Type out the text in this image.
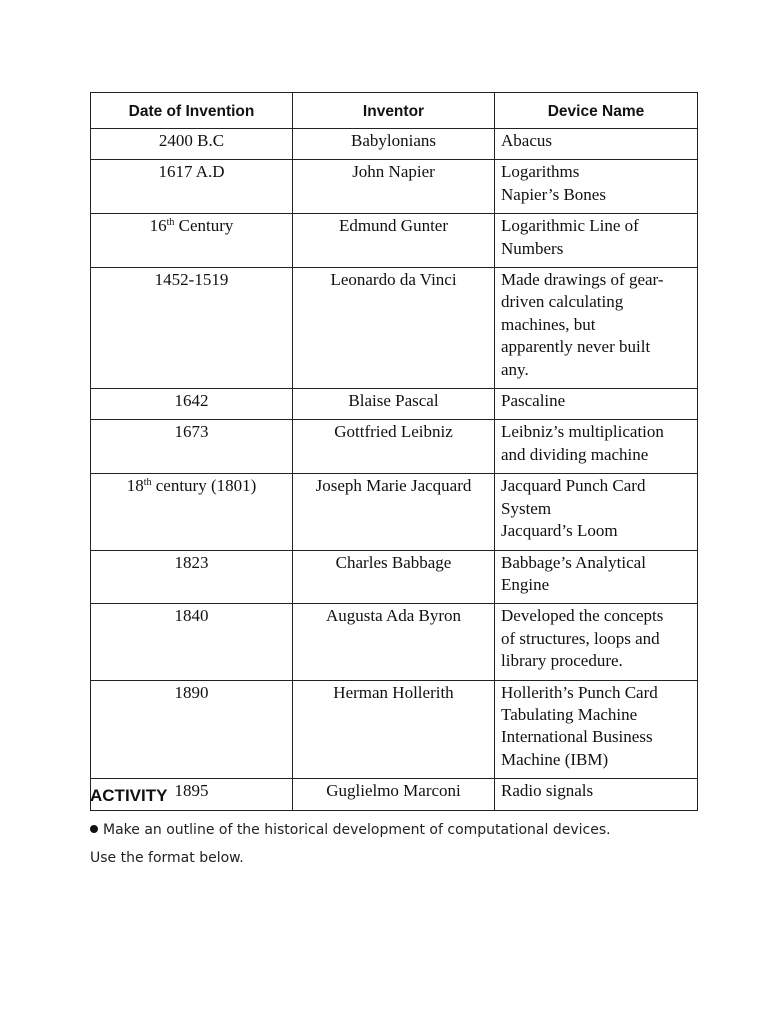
Date of Invention	Inventor	Device Name
2400 B.C	Babylonians	Abacus

1617 A.D	John Napier	Logarithms
Napier’s Bones

16th Century	Edmund Gunter	Logarithmic Line of
Numbers

1452-1519	Leonardo da Vinci	Made drawings of gear-
driven calculating
machines, but
apparently never built
any.

1642	Blaise Pascal	Pascaline

1673	Gottfried Leibniz	Leibniz’s multiplication
and dividing machine

18th century (1801)	Joseph Marie Jacquard	Jacquard Punch Card
System
Jacquard’s Loom

1823	Charles Babbage	Babbage’s Analytical
Engine

1840	Augusta Ada Byron	Developed the concepts
of structures, loops and
library procedure.

1890	Herman Hollerith	Hollerith’s Punch Card
Tabulating Machine
International Business
Machine (IBM)

1895	Guglielmo Marconi	Radio signals
ACTIVITY

Make an outline of the historical development of computational devices.

Use the format below.
